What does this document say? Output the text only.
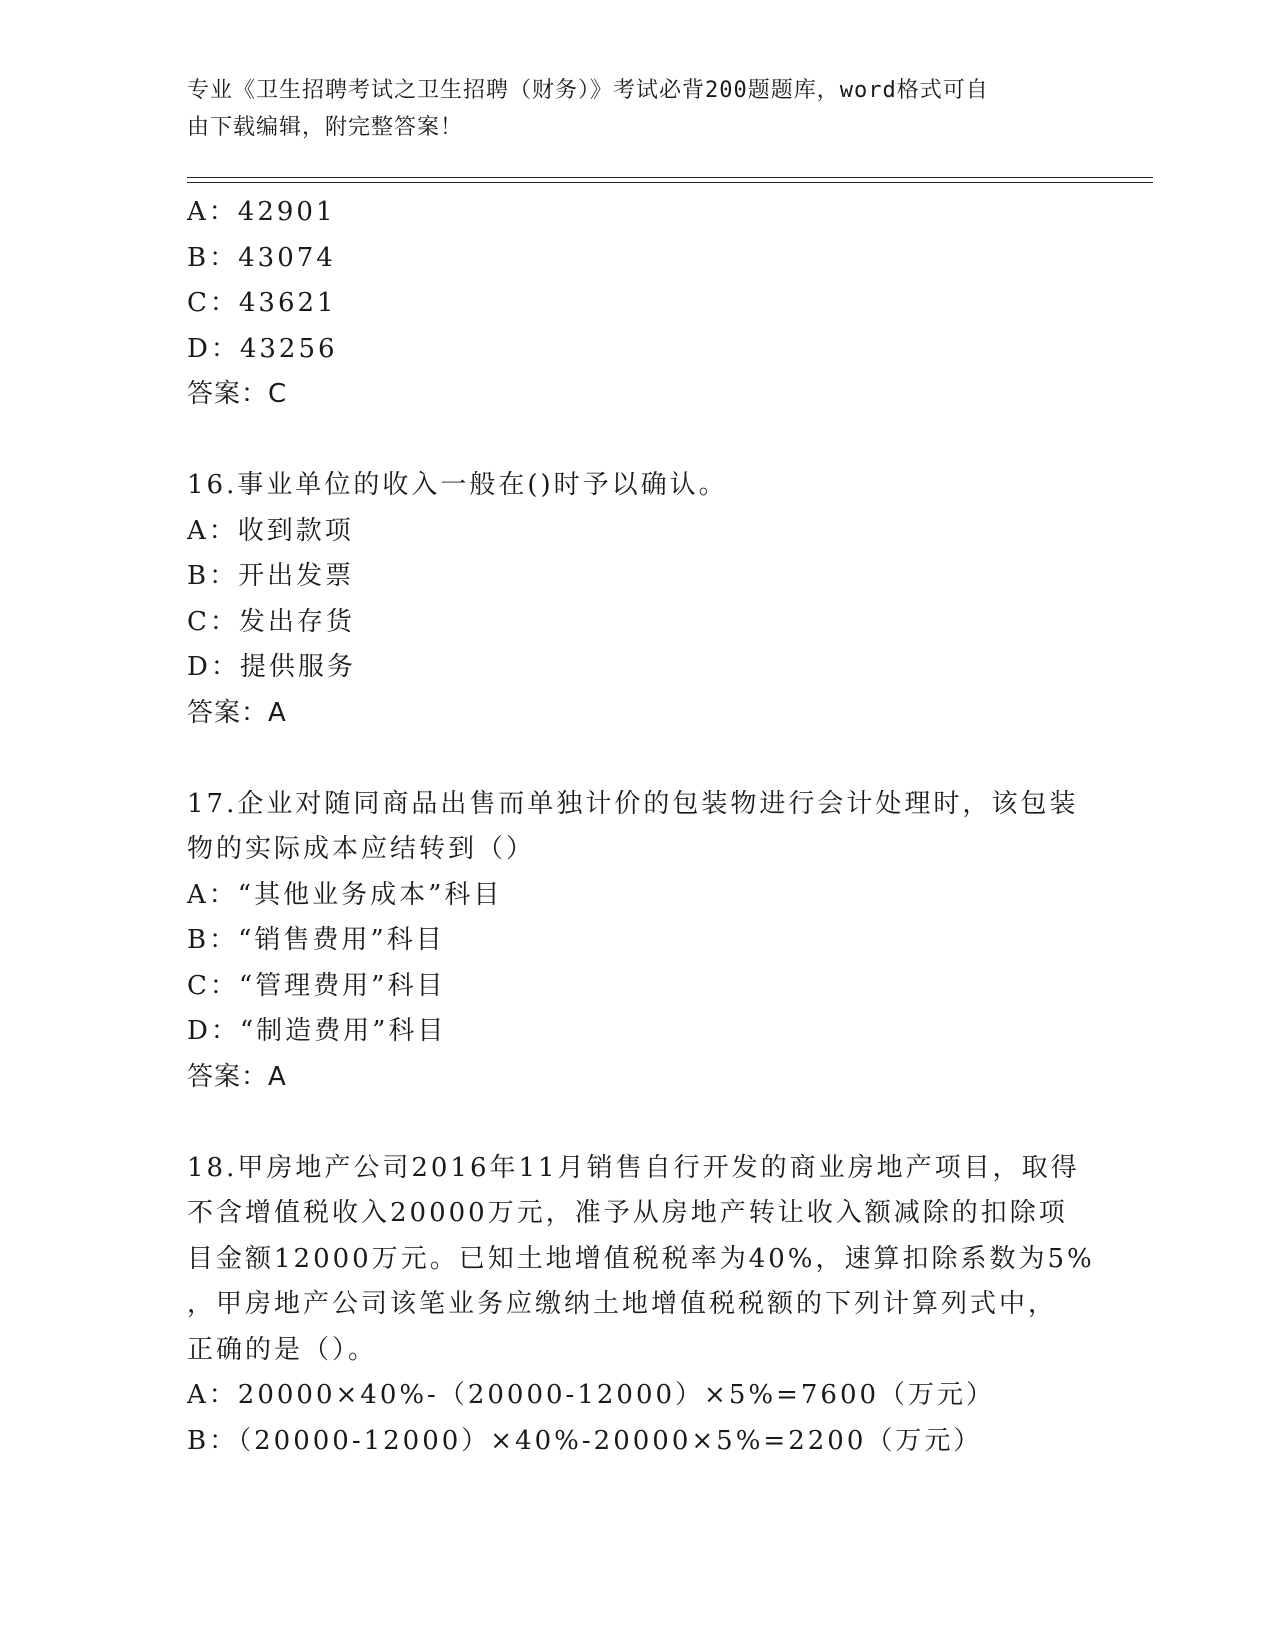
专业《卫生招聘考试之卫生招聘（财务）》考试必背200题题库，word格式可自
由下载编辑，附完整答案！
A：42901
B：43074
C：43621
D：43256
答案：C
16.事业单位的收入一般在()时予以确认。
A：收到款项
B：开出发票
C：发出存货
D：提供服务
答案：A
17.企业对随同商品出售而单独计价的包装物进行会计处理时，该包装
物的实际成本应结转到（）
A：“其他业务成本”科目
B：“销售费用”科目
C：“管理费用”科目
D：“制造费用”科目
答案：A
18.甲房地产公司2016年11月销售自行开发的商业房地产项目，取得
不含增值税收入20000万元，准予从房地产转让收入额减除的扣除项
目金额12000万元。已知土地增值税税率为40%，速算扣除系数为5%
，甲房地产公司该笔业务应缴纳土地增值税税额的下列计算列式中，
正确的是（）。
A：20000×40%-（20000-12000）×5%=7600（万元）
B：（20000-12000）×40%-20000×5%=2200（万元）
